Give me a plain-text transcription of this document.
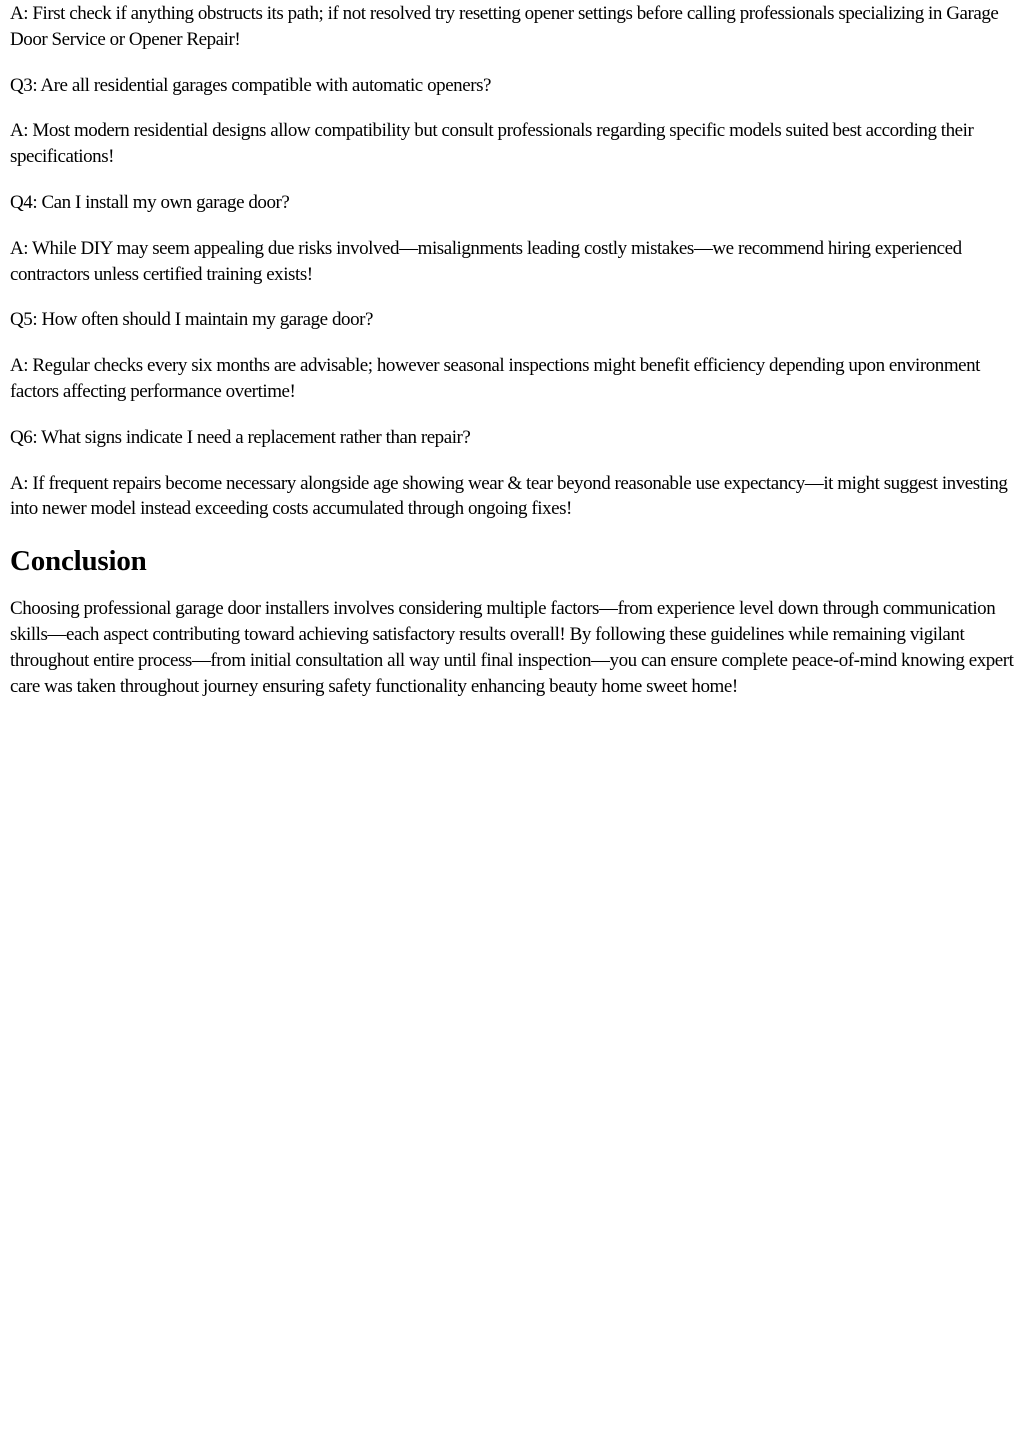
A: First check if anything obstructs its path; if not resolved try resetting opener settings before calling professionals specializing in Garage Door Service or Opener Repair!

Q3: Are all residential garages compatible with automatic openers?

A: Most modern residential designs allow compatibility but consult professionals regarding specific models suited best according their specifications!

Q4: Can I install my own garage door?

A: While DIY may seem appealing due risks involved—misalignments leading costly mistakes—we recommend hiring experienced contractors unless certified training exists!

Q5: How often should I maintain my garage door?

A: Regular checks every six months are advisable; however seasonal inspections might benefit efficiency depending upon environment factors affecting performance overtime!

Q6: What signs indicate I need a replacement rather than repair?

A: If frequent repairs become necessary alongside age showing wear & tear beyond reasonable use expectancy—it might suggest investing into newer model instead exceeding costs accumulated through ongoing fixes!

Conclusion

Choosing professional garage door installers involves considering multiple factors—from experience level down through communication skills—each aspect contributing toward achieving satisfactory results overall! By following these guidelines while remaining vigilant throughout entire process—from initial consultation all way until final inspection—you can ensure complete peace-of-mind knowing expert care was taken throughout journey ensuring safety functionality enhancing beauty home sweet home!
